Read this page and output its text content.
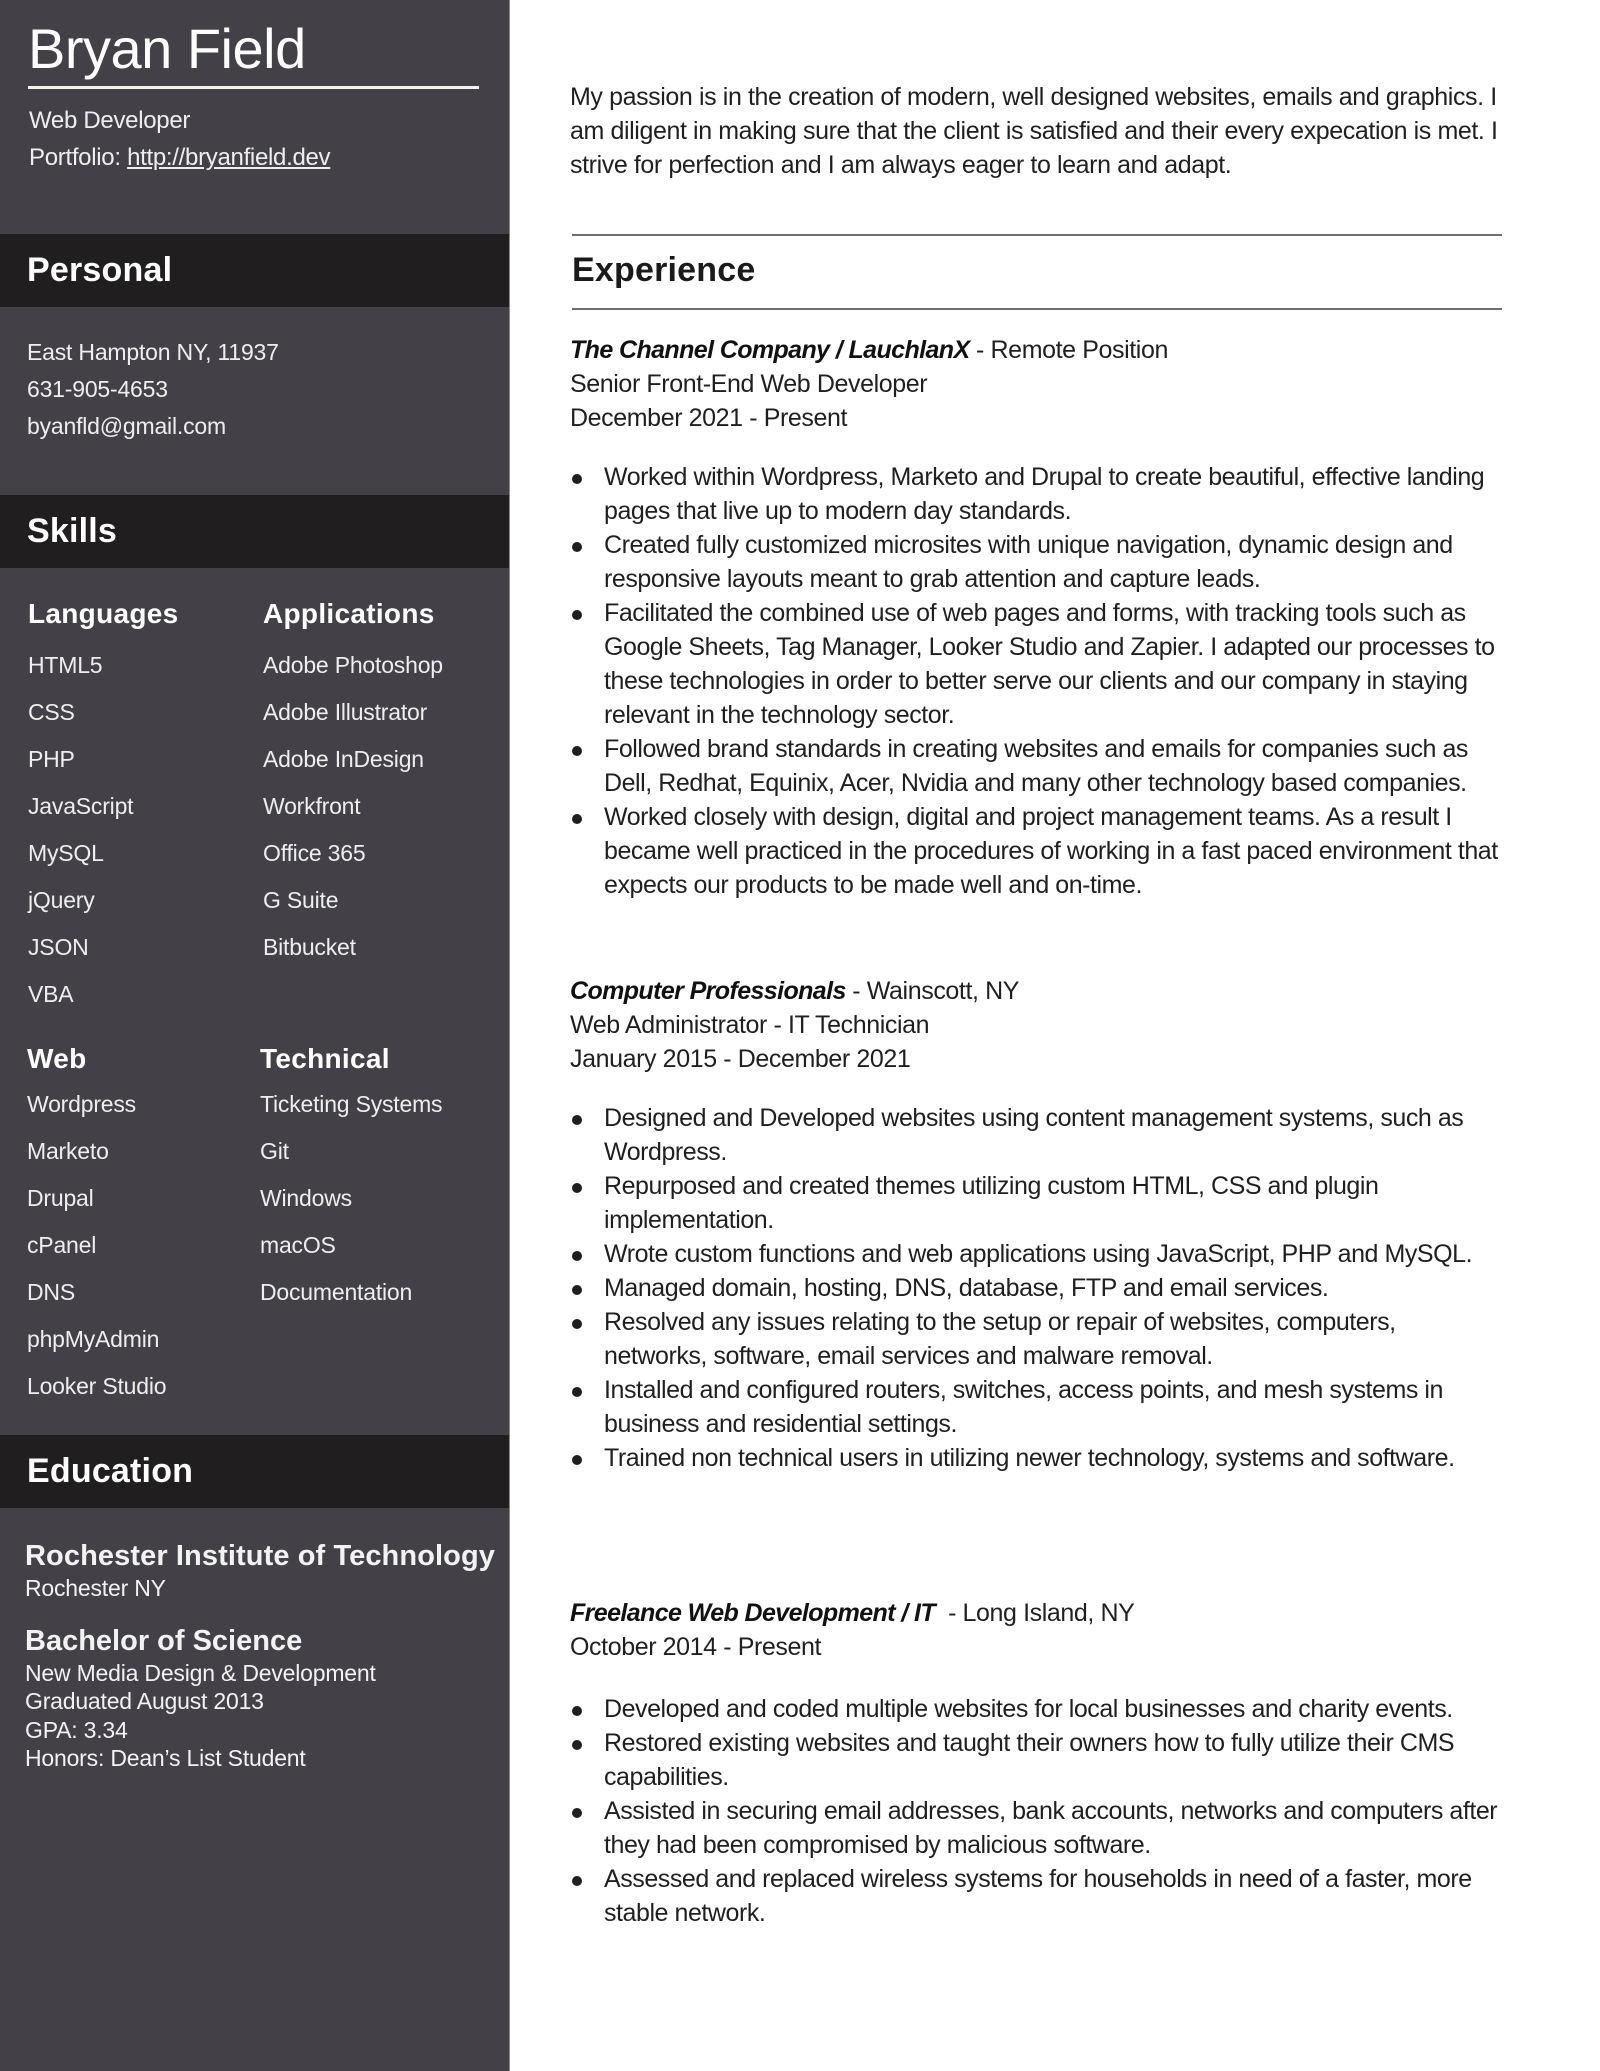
Bryan Field
Web Developer
Portfolio: http://bryanfield.dev
Personal
East Hampton NY, 11937
631-905-4653
byanfld@gmail.com
Skills
Languages
HTML5
CSS
PHP
JavaScript
MySQL
jQuery
JSON
VBA
Applications
Adobe Photoshop
Adobe Illustrator
Adobe InDesign
Workfront
Office 365
G Suite
Bitbucket
Web
Wordpress
Marketo
Drupal
cPanel
DNS
phpMyAdmin
Looker Studio
Technical
Ticketing Systems
Git
Windows
macOS
Documentation
Education
Rochester Institute of Technology
Rochester NY
Bachelor of Science
New Media Design & Development
Graduated August 2013
GPA: 3.34
Honors: Dean’s List Student

My passion is in the creation of modern, well designed websites, emails and graphics. I am diligent in making sure that the client is satisfied and their every expecation is met. I strive for perfection and I am always eager to learn and adapt.

Experience
The Channel Company / LauchlanX - Remote Position
Senior Front-End Web Developer
December 2021 - Present
Worked within Wordpress, Marketo and Drupal to create beautiful, effective landing pages that live up to modern day standards.
Created fully customized microsites with unique navigation, dynamic design and responsive layouts meant to grab attention and capture leads.
Facilitated the combined use of web pages and forms, with tracking tools such as Google Sheets, Tag Manager, Looker Studio and Zapier. I adapted our processes to these technologies in order to better serve our clients and our company in staying relevant in the technology sector.
Followed brand standards in creating websites and emails for companies such as Dell, Redhat, Equinix, Acer, Nvidia and many other technology based companies.
Worked closely with design, digital and project management teams. As a result I became well practiced in the procedures of working in a fast paced environment that expects our products to be made well and on-time.
Computer Professionals - Wainscott, NY
Web Administrator - IT Technician
January 2015 - December 2021
Designed and Developed websites using content management systems, such as Wordpress.
Repurposed and created themes utilizing custom HTML, CSS and plugin implementation.
Wrote custom functions and web applications using JavaScript, PHP and MySQL.
Managed domain, hosting, DNS, database, FTP and email services.
Resolved any issues relating to the setup or repair of websites, computers, networks, software, email services and malware removal.
Installed and configured routers, switches, access points, and mesh systems in business and residential settings.
Trained non technical users in utilizing newer technology, systems and software.
Freelance Web Development / IT  - Long Island, NY
October 2014 - Present
Developed and coded multiple websites for local businesses and charity events.
Restored existing websites and taught their owners how to fully utilize their CMS capabilities.
Assisted in securing email addresses, bank accounts, networks and computers after they had been compromised by malicious software.
Assessed and replaced wireless systems for households in need of a faster, more stable network.
